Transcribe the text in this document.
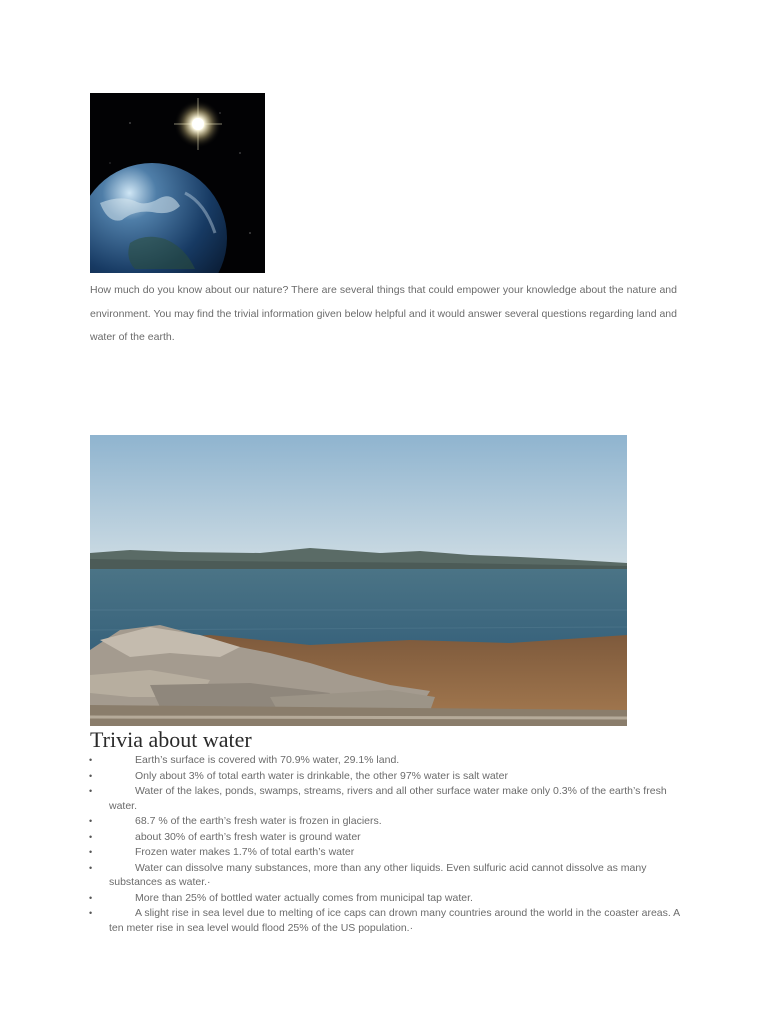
How much do you know about our nature? There are several things that could empower your knowledge about the nature and environment. You may find the trivial information given below helpful and it would answer several questions regarding land and water of the earth.

Trivia about water
•	Earth’s surface is covered with 70.9% water, 29.1% land.
•	Only about 3% of total earth water is drinkable, the other 97% water is salt water
•	Water of the lakes, ponds, swamps, streams, rivers and all other surface water make only 0.3% of the earth’s fresh water.
•	68.7 % of the earth’s fresh water is frozen in glaciers.
•	about 30% of earth’s fresh water is ground water
•	Frozen water makes 1.7% of total earth’s water
•	Water can dissolve many substances, more than any other liquids. Even sulfuric acid cannot dissolve as many substances as water.·
•	More than 25% of bottled water actually comes from municipal tap water.
•	A slight rise in sea level due to melting of ice caps can drown many countries around the world in the coaster areas. A ten meter rise in sea level would flood 25% of the US population.·
